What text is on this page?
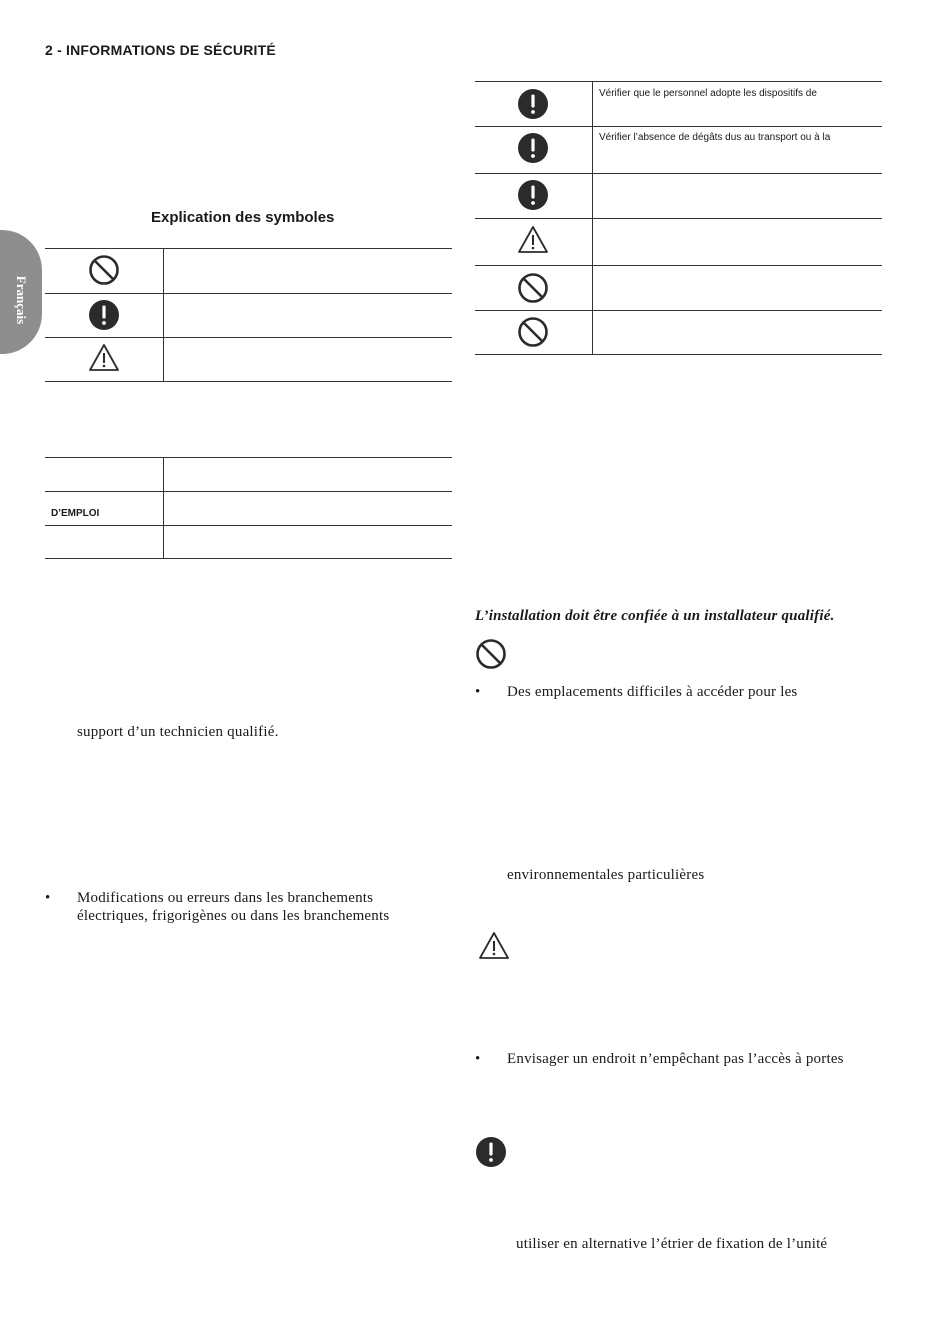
2 - INFORMATIONS DE SÉCURITÉ
Français
Explication des symboles
D’EMPLOI
support d’un technicien qualifié.
• Modifications ou erreurs dans les branchements
électriques, frigorigènes ou dans les branchements
Vérifier que le personnel adopte les dispositifs de
Vérifier l’absence de dégâts dus au transport ou à la
L’installation doit être confiée à un installateur qualifié.
• Des emplacements difficiles à accéder pour les
environnementales particulières
• Envisager un endroit n’empêchant pas l’accès à portes
utiliser en alternative l’étrier de fixation de l’unité
